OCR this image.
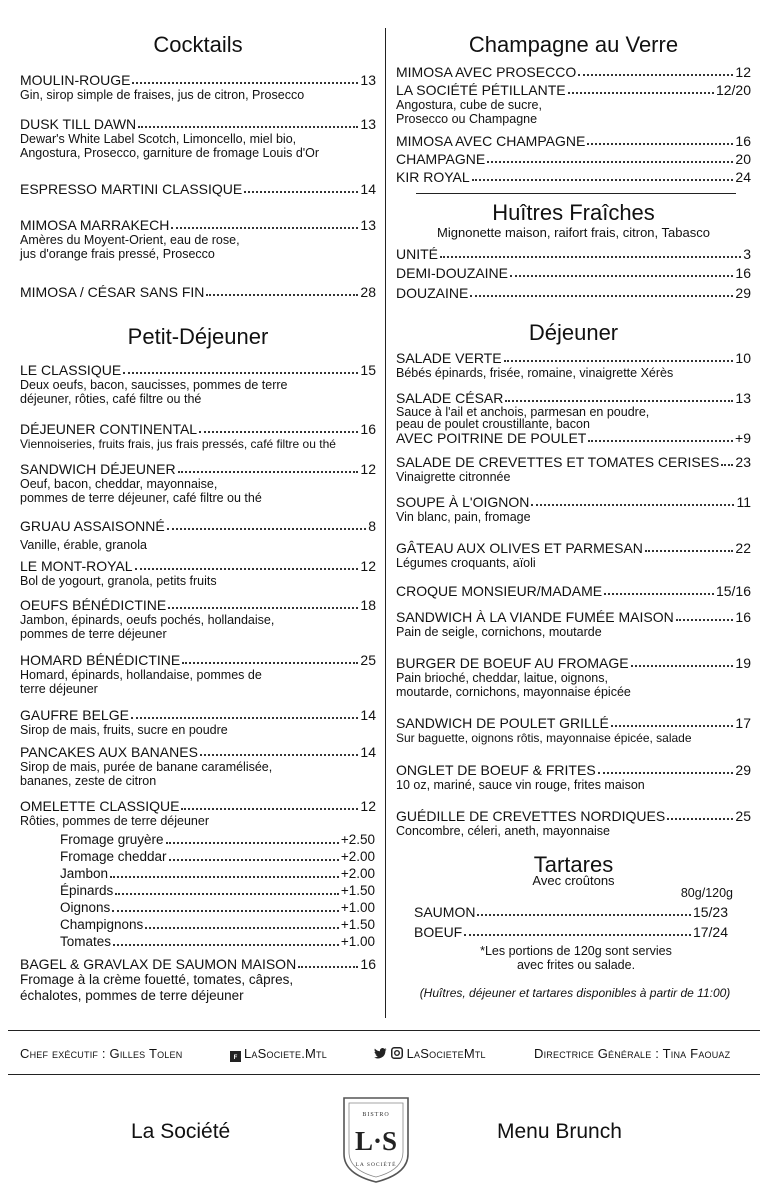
Cocktails
MOULIN-ROUGE	13
Gin, sirop simple de fraises, jus de citron, Prosecco
DUSK TILL DAWN	13
Dewar's White Label Scotch, Limoncello, miel bio,
Angostura, Prosecco, garniture de fromage Louis d'Or
ESPRESSO MARTINI CLASSIQUE	14
MIMOSA MARRAKECH	13
Amères du Moyent-Orient, eau de rose,
jus d'orange frais pressé, Prosecco
MIMOSA / CÉSAR SANS FIN	28
Petit-Déjeuner
LE CLASSIQUE	15
Deux oeufs, bacon, saucisses, pommes de terre
déjeuner, rôties, café filtre ou thé
DÉJEUNER CONTINENTAL	16
Viennoiseries, fruits frais, jus frais pressés, café filtre ou thé
SANDWICH DÉJEUNER	12
Oeuf, bacon, cheddar, mayonnaise,
pommes de terre déjeuner, café filtre ou thé
GRUAU ASSAISONNÉ	8
Vanille, érable, granola
LE MONT-ROYAL	12
Bol de yogourt, granola, petits fruits
OEUFS BÉNÉDICTINE	18
Jambon, épinards, oeufs pochés, hollandaise,
pommes de terre déjeuner
HOMARD BÉNÉDICTINE	25
Homard, épinards, hollandaise, pommes de
terre déjeuner
GAUFRE BELGE	14
Sirop de mais, fruits, sucre en poudre
PANCAKES AUX BANANES	14
Sirop de mais, purée de banane caramélisée,
bananes, zeste de citron
OMELETTE CLASSIQUE	12
Rôties, pommes de terre déjeuner
Fromage gruyère	+2.50
Fromage cheddar	+2.00
Jambon	+2.00
Épinards	+1.50
Oignons	+1.00
Champignons	+1.50
Tomates	+1.00
BAGEL & GRAVLAX DE SAUMON MAISON	16
Fromage à la crème fouetté, tomates, câpres,
échalotes, pommes de terre déjeuner
Champagne au Verre
MIMOSA AVEC PROSECCO	12
LA SOCIÉTÉ PÉTILLANTE	12/20
Angostura, cube de sucre,
Prosecco ou Champagne
MIMOSA AVEC CHAMPAGNE	16
CHAMPAGNE	20
KIR ROYAL	24
Huîtres Fraîches
Mignonette maison, raifort frais, citron, Tabasco
UNITÉ	3
DEMI-DOUZAINE	16
DOUZAINE	29
Déjeuner
SALADE VERTE	10
Bébés épinards, frisée, romaine, vinaigrette Xérès
SALADE CÉSAR	13
Sauce à l'ail et anchois, parmesan en poudre,
peau de poulet croustillante, bacon
AVEC POITRINE DE POULET	+9
SALADE DE CREVETTES ET TOMATES CERISES 23
Vinaigrette citronnée
SOUPE À L'OIGNON	11
Vin blanc, pain, fromage
GÂTEAU AUX OLIVES ET PARMESAN	22
Légumes croquants, aïoli
CROQUE MONSIEUR/MADAME	15/16
SANDWICH À LA VIANDE FUMÉE MAISON	16
Pain de seigle, cornichons, moutarde
BURGER DE BOEUF AU FROMAGE	19
Pain brioché, cheddar, laitue, oignons,
moutarde, cornichons, mayonnaise épicée
SANDWICH DE POULET GRILLÉ	17
Sur baguette, oignons rôtis, mayonnaise épicée, salade
ONGLET DE BOEUF & FRITES	29
10 oz, mariné, sauce vin rouge, frites maison
GUÉDILLE DE CREVETTES NORDIQUES	25
Concombre, céleri, aneth, mayonnaise
Tartares
Avec croûtons
80g/120g
SAUMON	15/23
BOEUF	17/24
*Les portions de 120g sont servies
avec frites ou salade.
(Huîtres, déjeuner et tartares disponibles à partir de 11:00)
Chef exécutif : Gilles Tolen	f LaSociete.Mtl	LaSocieteMtl	Directrice Générale : Tina Faouaz
La Société	Menu Brunch
BISTRO
L·S
LA SOCIÉTÉ
